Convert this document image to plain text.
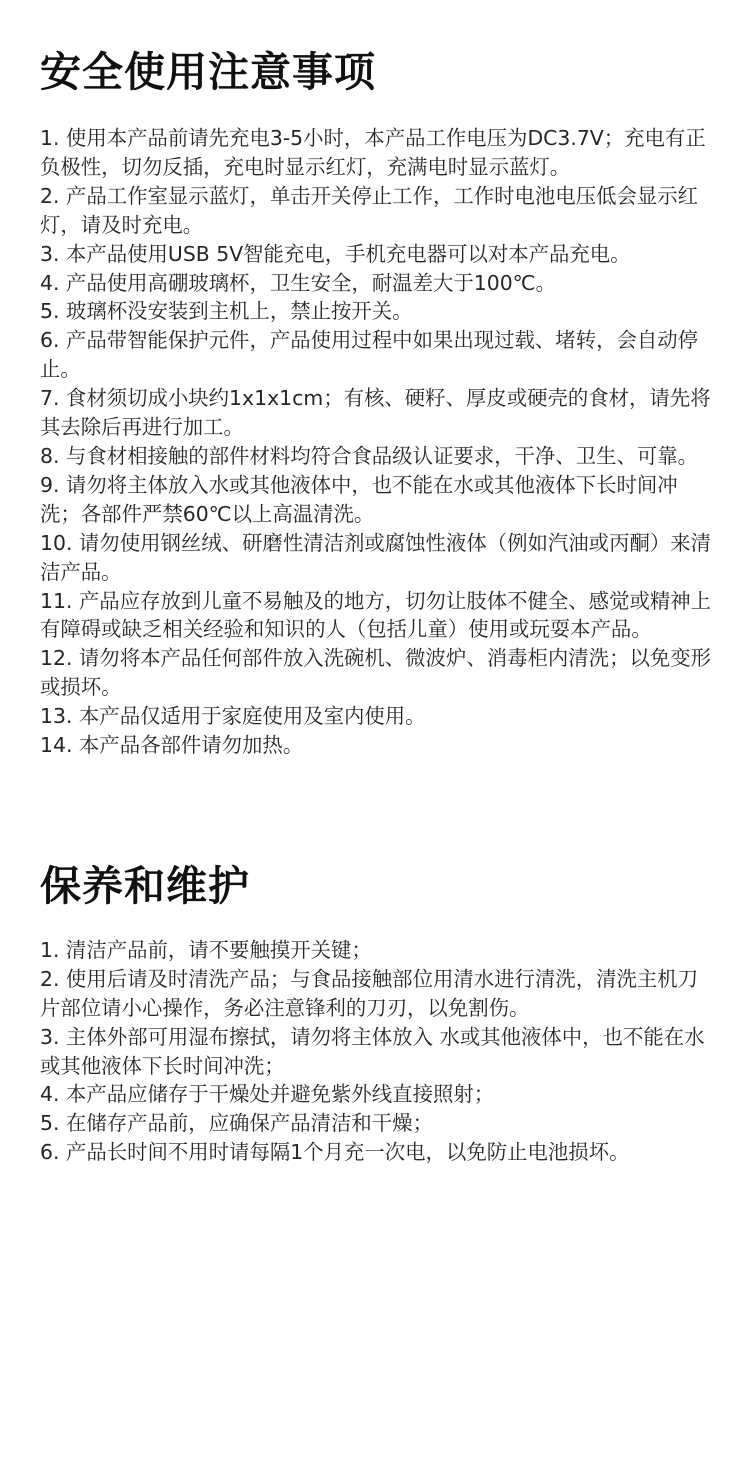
安全使用注意事项
1. 使用本产品前请先充电3-5小时，本产品工作电压为DC3.7V；充电有正负极性，切勿反插，充电时显示红灯，充满电时显示蓝灯。
2. 产品工作室显示蓝灯，单击开关停止工作，工作时电池电压低会显示红灯，请及时充电。
3. 本产品使用USB 5V智能充电，手机充电器可以对本产品充电。
4. 产品使用高硼玻璃杯，卫生安全，耐温差大于100℃。
5. 玻璃杯没安装到主机上，禁止按开关。
6. 产品带智能保护元件，产品使用过程中如果出现过载、堵转，会自动停止。
7. 食材须切成小块约1x1x1cm；有核、硬籽、厚皮或硬壳的食材，请先将其去除后再进行加工。
8. 与食材相接触的部件材料均符合食品级认证要求，干净、卫生、可靠。
9. 请勿将主体放入水或其他液体中，也不能在水或其他液体下长时间冲洗；各部件严禁60℃以上高温清洗。
10. 请勿使用钢丝绒、研磨性清洁剂或腐蚀性液体（例如汽油或丙酮）来清洁产品。
11. 产品应存放到儿童不易触及的地方，切勿让肢体不健全、感觉或精神上有障碍或缺乏相关经验和知识的人（包括儿童）使用或玩耍本产品。
12. 请勿将本产品任何部件放入洗碗机、微波炉、消毒柜内清洗；以免变形或损坏。
13. 本产品仅适用于家庭使用及室内使用。
14. 本产品各部件请勿加热。
保养和维护
1. 清洁产品前，请不要触摸开关键；
2. 使用后请及时清洗产品；与食品接触部位用清水进行清洗，清洗主机刀片部位请小心操作，务必注意锋利的刀刃，以免割伤。
3. 主体外部可用湿布擦拭，请勿将主体放入 水或其他液体中，也不能在水或其他液体下长时间冲洗；
4. 本产品应储存于干燥处并避免紫外线直接照射；
5. 在储存产品前，应确保产品清洁和干燥；
6. 产品长时间不用时请每隔1个月充一次电，以免防止电池损坏。
